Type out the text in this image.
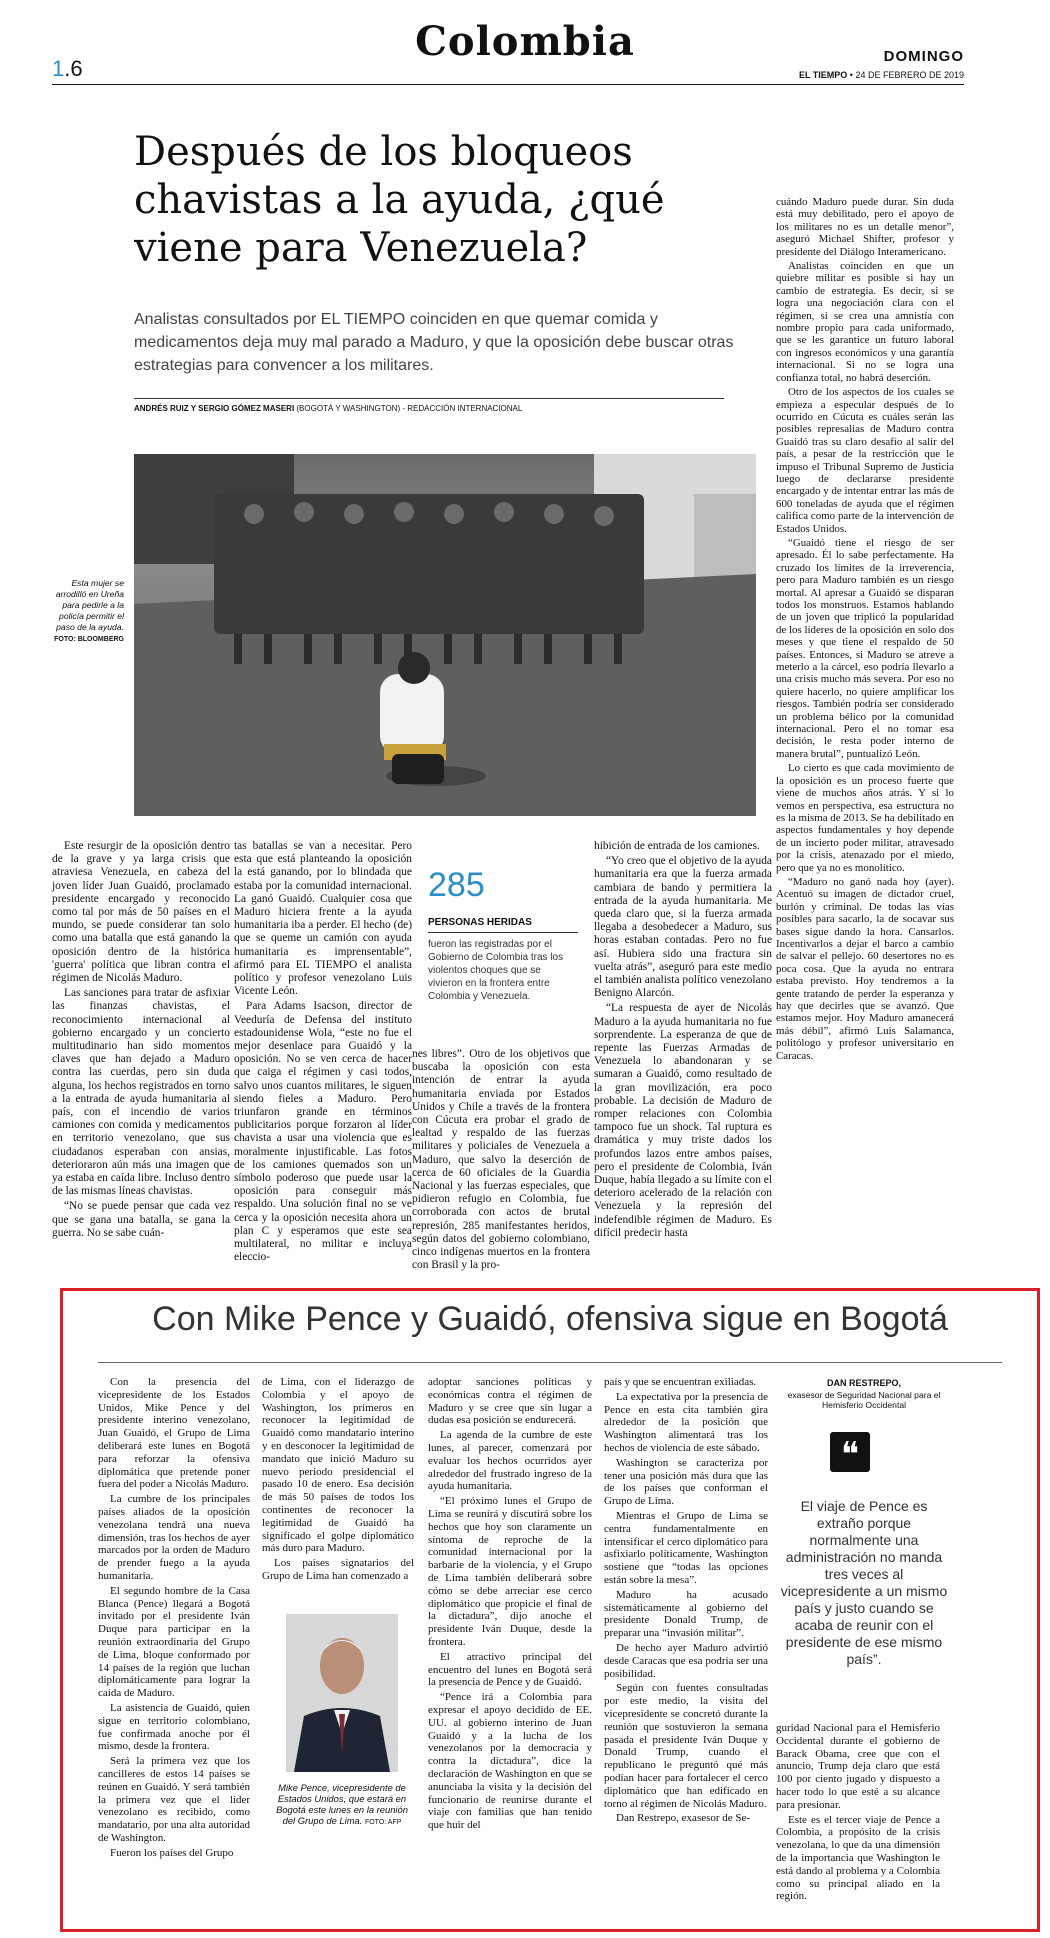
1.6
Colombia	DOMINGO
EL TIEMPO • 24 DE FEBRERO DE 2019
Después de los bloqueos chavistas a la ayuda, ¿qué viene para Venezuela?
Analistas consultados por EL TIEMPO coinciden en que quemar comida y medicamentos deja muy mal parado a Maduro, y que la oposición debe buscar otras estrategias para convencer a los militares.
ANDRÉS RUIZ Y SERGIO GÓMEZ MASERI (BOGOTÁ Y WASHINGTON) - REDACCIÓN INTERNACIONAL
Esta mujer se arrodilló en Ureña para pedirle a la policía permitir el paso de la ayuda.
FOTO: BLOOMBERG

Este resurgir de la oposición dentro de la grave y ya larga crisis que atraviesa Venezuela, en cabeza del joven líder Juan Guaidó, proclamado presidente encargado y reconocido como tal por más de 50 países en el mundo, se puede considerar tan solo como una batalla que está ganando la oposición dentro de la histórica 'guerra' política que libran contra el régimen de Nicolás Maduro.

Las sanciones para tratar de asfixiar las finanzas chavistas, el reconocimiento internacional al gobierno encargado y un concierto multitudinario han sido momentos claves que han dejado a Maduro contra las cuerdas, pero sin duda alguna, los hechos registrados en torno a la entrada de ayuda humanitaria al país, con el incendio de varios camiones con comida y medicamentos en territorio venezolano, que sus ciudadanos esperaban con ansias, deterioraron aún más una imagen que ya estaba en caída libre. Incluso dentro de las mismas líneas chavistas.

“No se puede pensar que cada vez que se gana una batalla, se gana la guerra. No se sabe cuán-

tas batallas se van a necesitar. Pero esta que está planteando la oposición la está ganando, por lo blindada que estaba por la comunidad internacional. La ganó Guaidó. Cualquier cosa que Maduro hiciera frente a la ayuda humanitaria iba a perder. El hecho (de) que se queme un camión con ayuda humanitaria es imprensentable”, afirmó para EL TIEMPO el analista político y profesor venezolano Luis Vicente León.

Para Adams Isacson, director de Veeduría de Defensa del instituto estadounidense Wola, “este no fue el mejor desenlace para Guaidó y la oposición. No se ven cerca de hacer que caiga el régimen y casi todos, salvo unos cuantos militares, le siguen siendo fieles a Maduro. Pero triunfaron grande en términos publicitarios porque forzaron al líder chavista a usar una violencia que es moralmente injustificable. Las fotos de los camiones quemados son un símbolo poderoso que puede usar la oposición para conseguir más respaldo. Una solución final no se ve cerca y la oposición necesita ahora un plan C y esperamos que este sea multilateral, no militar e incluya eleccio-

285
PERSONAS HERIDAS
fueron las registradas por el Gobierno de Colombia tras los violentos choques que se vivieron en la frontera entre Colombia y Venezuela.

nes libres”. Otro de los objetivos que buscaba la oposición con esta intención de entrar la ayuda humanitaria enviada por Estados Unidos y Chile a través de la frontera con Cúcuta era probar el grado de lealtad y respaldo de las fuerzas militares y policiales de Venezuela a Maduro, que salvo la deserción de cerca de 60 oficiales de la Guardia Nacional y las fuerzas especiales, que pidieron refugio en Colombia, fue corroborada con actos de brutal represión, 285 manifestantes heridos, según datos del gobierno colombiano, cinco indígenas muertos en la frontera con Brasil y la pro-

hibición de entrada de los camiones.

“Yo creo que el objetivo de la ayuda humanitaria era que la fuerza armada cambiara de bando y permitiera la entrada de la ayuda humanitaria. Me queda claro que, si la fuerza armada llegaba a desobedecer a Maduro, sus horas estaban contadas. Pero no fue así. Hubiera sido una fractura sin vuelta atrás”, aseguró para este medio el también analista político venezolano Benigno Alarcón.

“La respuesta de ayer de Nicolás Maduro a la ayuda humanitaria no fue sorprendente. La esperanza de que de repente las Fuerzas Armadas de Venezuela lo abandonaran y se sumaran a Guaidó, como resultado de la gran movilización, era poco probable. La decisión de Maduro de romper relaciones con Colombia tampoco fue un shock. Tal ruptura es dramática y muy triste dados los profundos lazos entre ambos países, pero el presidente de Colombia, Iván Duque, había llegado a su límite con el deterioro acelerado de la relación con Venezuela y la represión del indefendible régimen de Maduro. Es difícil predecir hasta

cuándo Maduro puede durar. Sin duda está muy debilitado, pero el apoyo de los militares no es un detalle menor”, aseguró Michael Shifter, profesor y presidente del Diálogo Interamericano.

Analistas coinciden en que un quiebre militar es posible si hay un cambio de estrategia. Es decir, si se logra una negociación clara con el régimen, si se crea una amnistía con nombre propio para cada uniformado, que se les garantice un futuro laboral con ingresos económicos y una garantía internacional. Si no se logra una confianza total, no habrá deserción.

Otro de los aspectos de los cuales se empieza a especular después de lo ocurrido en Cúcuta es cuáles serán las posibles represalias de Maduro contra Guaidó tras su claro desafío al salir del país, a pesar de la restricción que le impuso el Tribunal Supremo de Justicia luego de declararse presidente encargado y de intentar entrar las más de 600 toneladas de ayuda que el régimen califica como parte de la intervención de Estados Unidos.

“Guaidó tiene el riesgo de ser apresado. Él lo sabe perfectamente. Ha cruzado los límites de la irreverencia, pero para Maduro también es un riesgo mortal. Al apresar a Guaidó se disparan todos los monstruos. Estamos hablando de un joven que triplicó la popularidad de los líderes de la oposición en solo dos meses y que tiene el respaldo de 50 países. Entonces, si Maduro se atreve a meterlo a la cárcel, eso podría llevarlo a una crisis mucho más severa. Por eso no quiere hacerlo, no quiere amplificar los riesgos. También podría ser considerado un problema bélico por la comunidad internacional. Pero el no tomar esa decisión, le resta poder interno de manera brutal”, puntualizó León.

Lo cierto es que cada movimiento de la oposición es un proceso fuerte que viene de muchos años atrás. Y si lo vemos en perspectiva, esa estructura no es la misma de 2013. Se ha debilitado en aspectos fundamentales y hoy depende de un incierto poder militar, atravesado por la crisis, atenazado por el miedo, pero que ya no es monolítico.

“Maduro no ganó nada hoy (ayer). Acentuó su imagen de dictador cruel, burlón y criminal. De todas las vías posibles para sacarlo, la de socavar sus bases sigue dando la hora. Cansarlos. Incentivarlos a dejar el barco a cambio de salvar el pellejo. 60 desertores no es poca cosa. Que la ayuda no entrara estaba previsto. Hoy tendremos a la gente tratando de perder la esperanza y hay que decirles que se avanzó. Que estamos mejor. Hoy Maduro amanecerá más débil”, afirmó Luis Salamanca, politólogo y profesor universitario en Caracas.

Con Mike Pence y Guaidó, ofensiva sigue en Bogotá

Con la presencia del vicepresidente de los Estados Unidos, Mike Pence y del presidente interino venezolano, Juan Guaidó, el Grupo de Lima deliberará este lunes en Bogotá para reforzar la ofensiva diplomática que pretende poner fuera del poder a Nicolás Maduro.

La cumbre de los principales países aliados de la oposición venezolana tendrá una nueva dimensión, tras los hechos de ayer marcados por la orden de Maduro de prender fuego a la ayuda humanitaria.

El segundo hombre de la Casa Blanca (Pence) llegará a Bogotá invitado por el presidente Iván Duque para participar en la reunión extraordinaria del Grupo de Lima, bloque conformado por 14 países de la región que luchan diplomáticamente para lograr la caída de Maduro.

La asistencia de Guaidó, quien sigue en territorio colombiano, fue confirmada anoche por él mismo, desde la frontera.

Será la primera vez que los cancilleres de estos 14 países se reúnen en Guaidó. Y será también la primera vez que el líder venezolano es recibido, como mandatario, por una alta autoridad de Washington.

Fueron los países del Grupo

de Lima, con el liderazgo de Colombia y el apoyo de Washington, los primeros en reconocer la legitimidad de Guaidó como mandatario interino y en desconocer la legitimidad de mandato que inició Maduro su nuevo periodo presidencial el pasado 10 de enero. Esa decisión de más 50 países de todos los continentes de reconocer la legitimidad de Guaidó ha significado el golpe diplomático más duro para Maduro.

Los países signatarios del Grupo de Lima han comenzado a

Mike Pence, vicepresidente de Estados Unidos, que estará en Bogotá este lunes en la reunión del Grupo de Lima. FOTO: AFP

adoptar sanciones políticas y económicas contra el régimen de Maduro y se cree que sin lugar a dudas esa posición se endurecerá.

La agenda de la cumbre de este lunes, al parecer, comenzará por evaluar los hechos ocurridos ayer alrededor del frustrado ingreso de la ayuda humanitaria.

“El próximo lunes el Grupo de Lima se reunirá y discutirá sobre los hechos que hoy son claramente un síntoma de reproche de la comunidad internacional por la barbarie de la violencia, y el Grupo de Lima también deliberará sobre cómo se debe arreciar ese cerco diplomático que propicie el final de la dictadura”, dijo anoche el presidente Iván Duque, desde la frontera.

El atractivo principal del encuentro del lunes en Bogotá será la presencia de Pence y de Guaidó.

“Pence irá a Colombia para expresar el apoyo decidido de EE. UU. al gobierno interino de Juan Guaidó y a la lucha de los venezolanos por la democracia y contra la dictadura”, dice la declaración de Washington en que se anunciaba la visita y la decisión del funcionario de reunirse durante el viaje con familias que han tenido que huir del

país y que se encuentran exiliadas.

La expectativa por la presencia de Pence en esta cita también gira alrededor de la posición que Washington alimentará tras los hechos de violencia de este sábado.

Washington se caracteriza por tener una posición más dura que las de los países que conforman el Grupo de Lima.

Mientras el Grupo de Lima se centra fundamentalmente en intensificar el cerco diplomático para asfixiarlo políticamente, Washington sostiene que “todas las opciones están sobre la mesa”.

Maduro ha acusado sistemáticamente al gobierno del presidente Donald Trump, de preparar una “invasión militar”.

De hecho ayer Maduro advirtió desde Caracas que esa podría ser una posibilidad.

Según con fuentes consultadas por este medio, la visita del vicepresidente se concretó durante la reunión que sostuvieron la semana pasada el presidente Iván Duque y Donald Trump, cuando el republicano le preguntó qué más podían hacer para fortalecer el cerco diplomático que han edificado en torno al régimen de Nicolás Maduro.

Dan Restrepo, exasesor de Se-

DAN RESTREPO,
exasesor de Seguridad Nacional para el Hemisferio Occidental
❝
El viaje de Pence es extraño porque normalmente una administración no manda tres veces al vicepresidente a un mismo país y justo cuando se acaba de reunir con el presidente de ese mismo país”.

guridad Nacional para el Hemisferio Occidental durante el gobierno de Barack Obama, cree que con el anuncio, Trump deja claro que está 100 por ciento jugado y dispuesto a hacer todo lo que esté a su alcance para presionar.

Este es el tercer viaje de Pence a Colombia, a propósito de la crisis venezolana, lo que da una dimensión de la importancia que Washington le está dando al problema y a Colombia como su principal aliado en la región.
